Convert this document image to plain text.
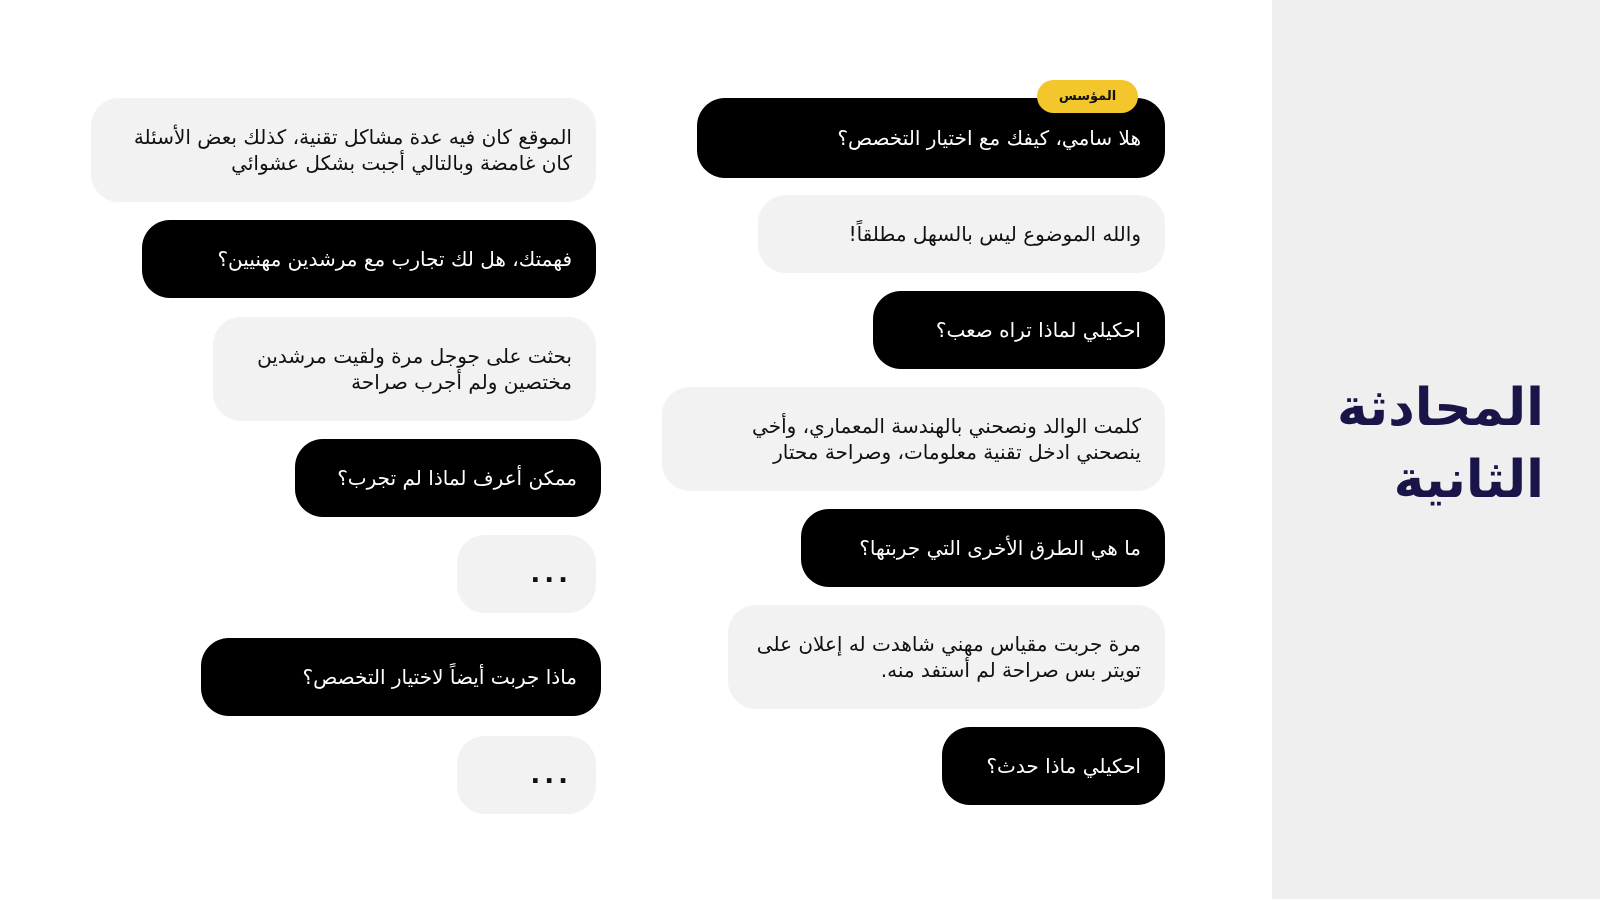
المحادثة
الثانية
هلا سامي، كيفك مع اختيار التخصص؟
المؤسس
والله الموضوع ليس بالسهل مطلقاً!
احكيلي لماذا تراه صعب؟
كلمت الوالد ونصحني بالهندسة المعماري، وأخي ينصحني ادخل تقنية معلومات، وصراحة محتار
ما هي الطرق الأخرى التي جربتها؟
مرة جربت مقياس مهني شاهدت له إعلان على تويتر بس صراحة لم أستفد منه.
احكيلي ماذا حدث؟
الموقع كان فيه عدة مشاكل تقنية، كذلك بعض الأسئلة كان غامضة وبالتالي أجبت بشكل عشوائي
فهمتك، هل لك تجارب مع مرشدين مهنيين؟
بحثت على جوجل مرة ولقيت مرشدين مختصين ولم أجرب صراحة
ممكن أعرف لماذا لم تجرب؟
...
ماذا جربت أيضاً لاختيار التخصص؟
...
